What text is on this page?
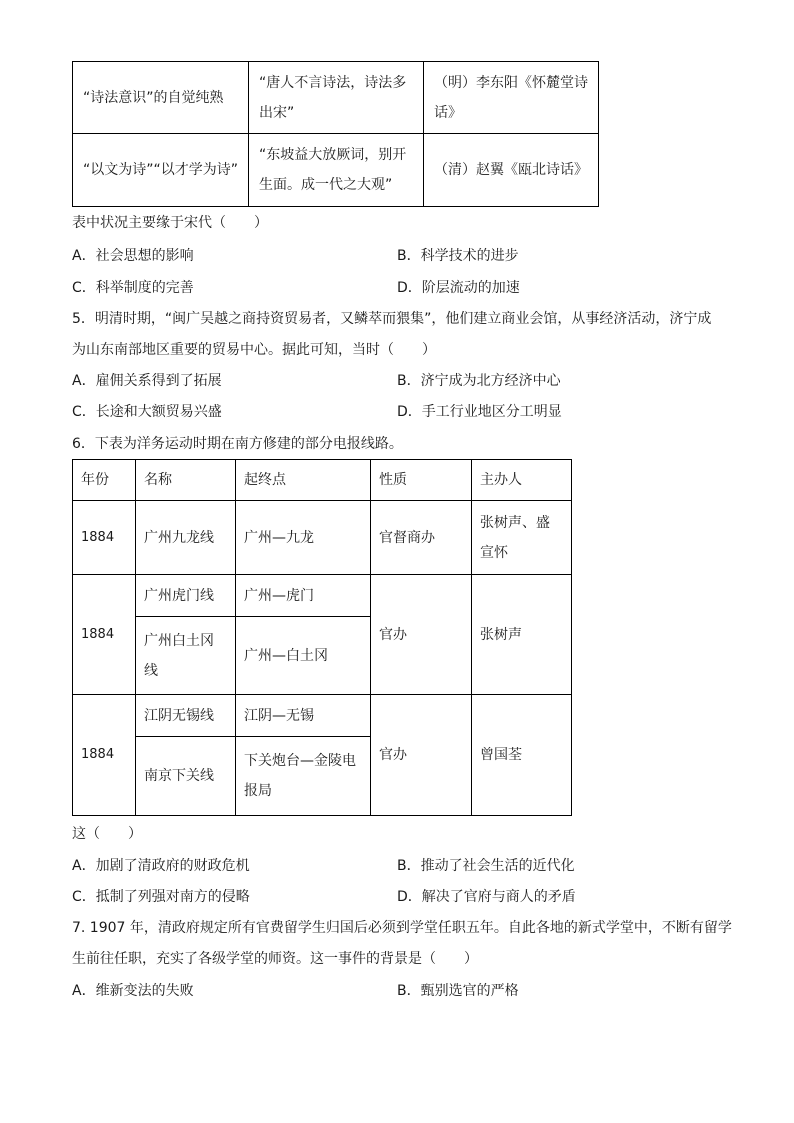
“诗法意识”的自觉纯熟	“唐人不言诗法，诗法多出宋”	（明）李东阳《怀麓堂诗话》
“以文为诗”“以才学为诗”	“东坡益大放厥词，别开生面。成一代之大观”	（清）赵翼《瓯北诗话》
表中状况主要缘于宋代（　　）
A．社会思想的影响	B．科学技术的进步
C．科举制度的完善	D．阶层流动的加速
5．明清时期，“闽广吴越之商持资贸易者，又鳞萃而猥集”，他们建立商业会馆，从事经济活动，济宁成
为山东南部地区重要的贸易中心。据此可知，当时（　　）
A．雇佣关系得到了拓展	B．济宁成为北方经济中心
C．长途和大额贸易兴盛	D．手工行业地区分工明显
6．下表为洋务运动时期在南方修建的部分电报线路。
年份	名称	起终点	性质	主办人
1884	广州九龙线	广州—九龙	官督商办	张树声、盛宣怀
1884	广州虎门线	广州—虎门	官办	张树声
	广州白土冈线	广州—白土冈		
1884	江阴无锡线	江阴—无锡	官办	曾国荃
	南京下关线	下关炮台—金陵电报局		
这（　　）
A．加剧了清政府的财政危机	B．推动了社会生活的近代化
C．抵制了列强对南方的侵略	D．解决了官府与商人的矛盾
7. 1907 年，清政府规定所有官费留学生归国后必须到学堂任职五年。自此各地的新式学堂中，不断有留学
生前往任职，充实了各级学堂的师资。这一事件的背景是（　　）
A．维新变法的失败	B．甄别选官的严格
